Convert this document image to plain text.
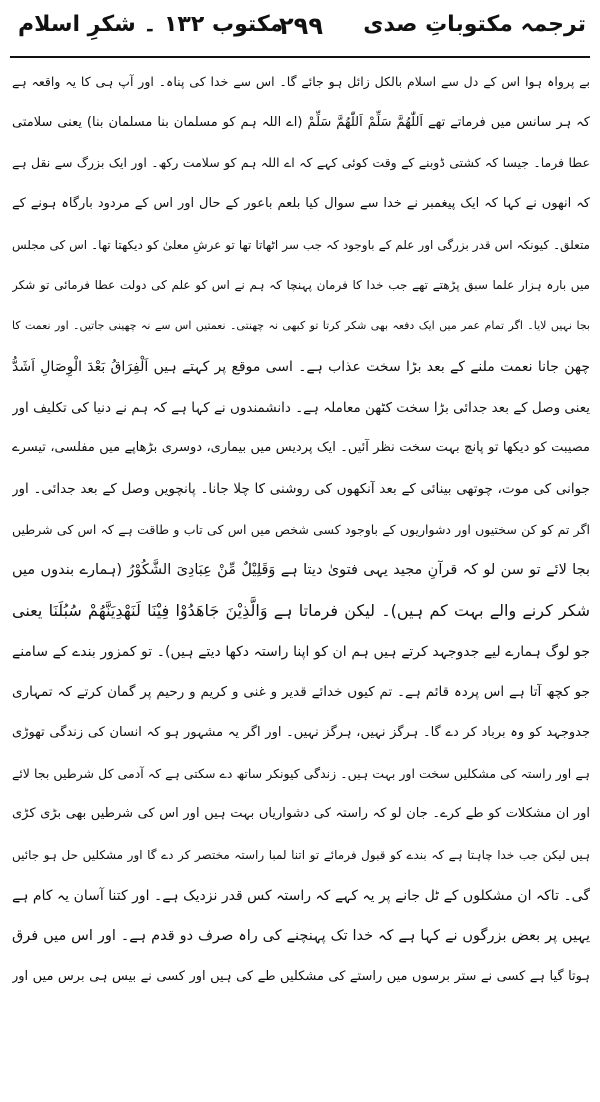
ترجمہ مکتوباتِ صدی
۲۹۹
مکتوب ۱۳۲ ۔ شکرِ اسلام
بے پرواہ ہوا اس کے دل سے اسلام بالکل زائل ہو جائے گا۔ اس سے خدا کی پناہ۔ اور آپ ہی کا یہ واقعہ ہے
کہ ہر سانس میں فرماتے تھے اَللّٰھُمَّ سَلِّمْ اَللّٰھُمَّ سَلِّمْ (اے اللہ ہم کو مسلمان بنا مسلمان بنا) یعنی سلامتی
عطا فرما۔ جیسا کہ کشتی ڈوبنے کے وقت کوئی کہے کہ اے اللہ ہم کو سلامت رکھ۔ اور ایک بزرگ سے نقل ہے
کہ انھوں نے کہا کہ ایک پیغمبر نے خدا سے سوال کیا بلعم باعور کے حال اور اس کے مردود بارگاہ ہونے کے
متعلق۔ کیونکہ اس قدر بزرگی اور علم کے باوجود کہ جب سر اٹھاتا تھا تو عرشِ معلیٰ کو دیکھتا تھا۔ اس کی مجلس
میں بارہ ہزار علما سبق پڑھتے تھے جب خدا کا فرمان پہنچا کہ ہم نے اس کو علم کی دولت عطا فرمائی تو شکر
بجا نہیں لایا۔ اگر تمام عمر میں ایک دفعہ بھی شکر کرتا تو کبھی نہ چھنتی۔ نعمتیں اس سے نہ چھینی جاتیں۔ اور نعمت کا
چھن جانا نعمت ملنے کے بعد بڑا سخت عذاب ہے۔ اسی موقع پر کہتے ہیں اَلْفِرَاقُ بَعْدَ الْوِصَالِ اَشَدُّ
یعنی وصل کے بعد جدائی بڑا سخت کٹھن معاملہ ہے۔ دانشمندوں نے کہا ہے کہ ہم نے دنیا کی تکلیف اور
مصیبت کو دیکھا تو پانچ بہت سخت نظر آئیں۔ ایک پردیس میں بیماری، دوسری بڑھاپے میں مفلسی، تیسرے
جوانی کی موت، چوتھی بینائی کے بعد آنکھوں کی روشنی کا چلا جانا۔ پانچویں وصل کے بعد جدائی۔ اور
اگر تم کو کن سختیوں اور دشواریوں کے باوجود کسی شخص میں اس کی تاب و طاقت ہے کہ اس کی شرطیں
بجا لائے تو سن لو کہ قرآنِ مجید یہی فتویٰ دیتا ہے وَقَلِیْلٌ مِّنْ عِبَادِیَ الشَّکُوْرُ (ہمارے بندوں میں
شکر کرنے والے بہت کم ہیں)۔ لیکن فرماتا ہے وَالَّذِیْنَ جَاھَدُوْا فِیْنَا لَنَھْدِیَنَّھُمْ سُبُلَنَا یعنی
جو لوگ ہمارے لیے جدوجہد کرتے ہیں ہم ان کو اپنا راستہ دکھا دیتے ہیں)۔ تو کمزور بندے کے سامنے
جو کچھ آتا ہے اس پردہ قائم ہے۔ تم کیوں خدائے قدیر و غنی و کریم و رحیم پر گمان کرتے کہ تمہاری
جدوجہد کو وہ برباد کر دے گا۔ ہرگز نہیں، ہرگز نہیں۔ اور اگر یہ مشہور ہو کہ انسان کی زندگی تھوڑی
ہے اور راستہ کی مشکلیں سخت اور بہت ہیں۔ زندگی کیونکر ساتھ دے سکتی ہے کہ آدمی کل شرطیں بجا لائے
اور ان مشکلات کو طے کرے۔ جان لو کہ راستہ کی دشواریاں بہت ہیں اور اس کی شرطیں بھی بڑی کڑی
ہیں لیکن جب خدا چاہتا ہے کہ بندے کو قبول فرمائے تو اتنا لمبا راستہ مختصر کر دے گا اور مشکلیں حل ہو جائیں
گی۔ تاکہ ان مشکلوں کے ٹل جانے پر یہ کہے کہ راستہ کس قدر نزدیک ہے۔ اور کتنا آسان یہ کام ہے
یہیں پر بعض بزرگوں نے کہا ہے کہ خدا تک پہنچنے کی راہ صرف دو قدم ہے۔ اور اس میں فرق
ہوتا گیا ہے کسی نے ستر برسوں میں راستے کی مشکلیں طے کی ہیں اور کسی نے بیس ہی برس میں اور
